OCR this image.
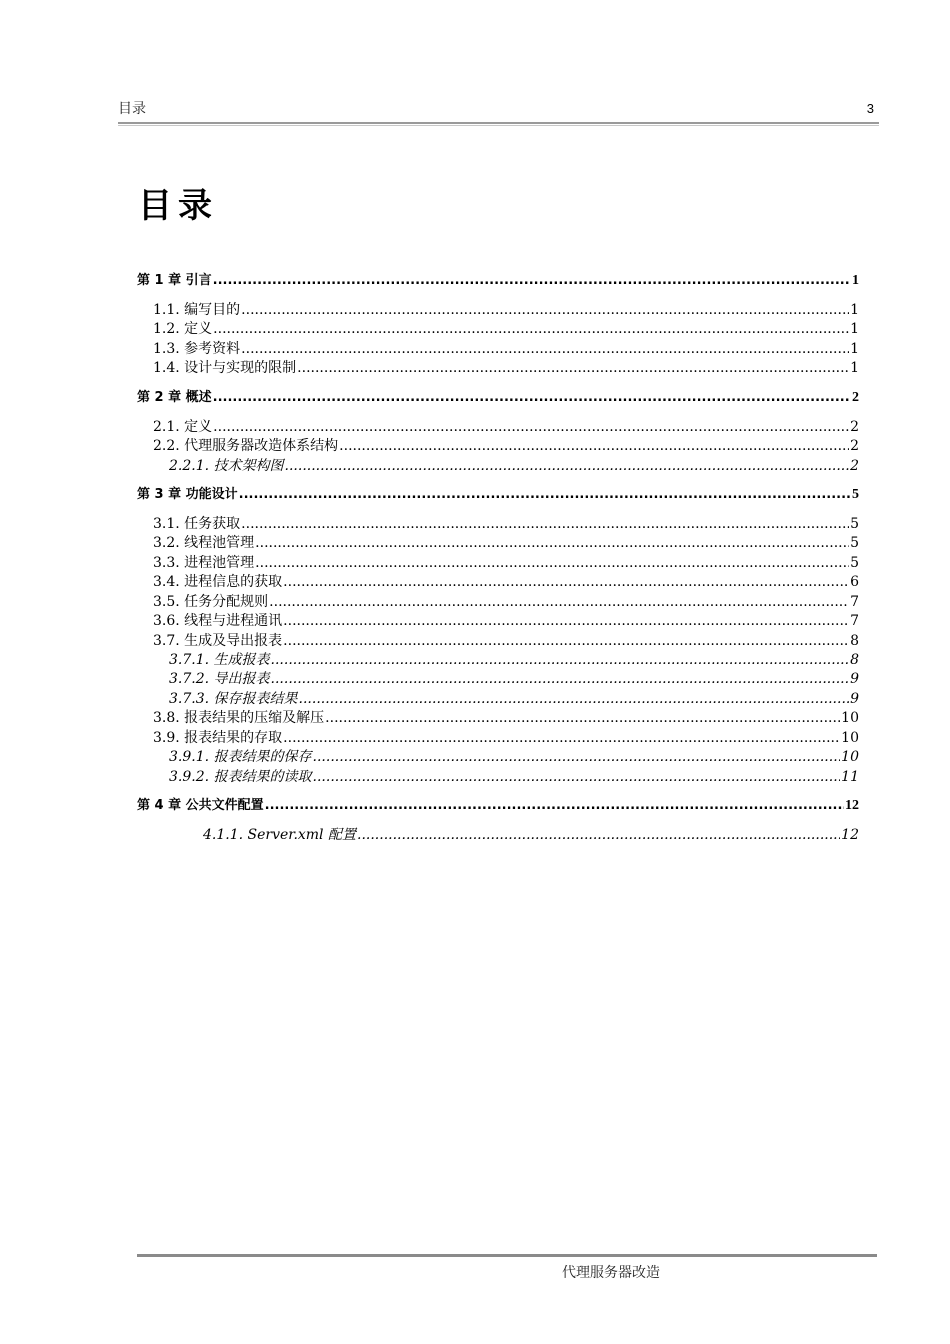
目录	3
目录
第 1 章 引言 .....	1
1.1. 编写目的 .....	1
1.2. 定义 .....	1
1.3. 参考资料 .....	1
1.4. 设计与实现的限制 .....	1
第 2 章 概述 .....	2
2.1. 定义 .....	2
2.2. 代理服务器改造体系结构 .....	2
2.2.1. 技术架构图 .....	2
第 3 章 功能设计 .....	5
3.1. 任务获取 .....	5
3.2. 线程池管理 .....	5
3.3. 进程池管理 .....	5
3.4. 进程信息的获取 .....	6
3.5. 任务分配规则 .....	7
3.6. 线程与进程通讯 .....	7
3.7. 生成及导出报表 .....	8
3.7.1. 生成报表 .....	8
3.7.2. 导出报表 .....	9
3.7.3. 保存报表结果 .....	9
3.8. 报表结果的压缩及解压 .....	10
3.9. 报表结果的存取 .....	10
3.9.1. 报表结果的保存 .....	10
3.9.2. 报表结果的读取 .....	11
第 4 章 公共文件配置 .....	12
4.1.1. Server.xml 配置 .....	12
代理服务器改造
